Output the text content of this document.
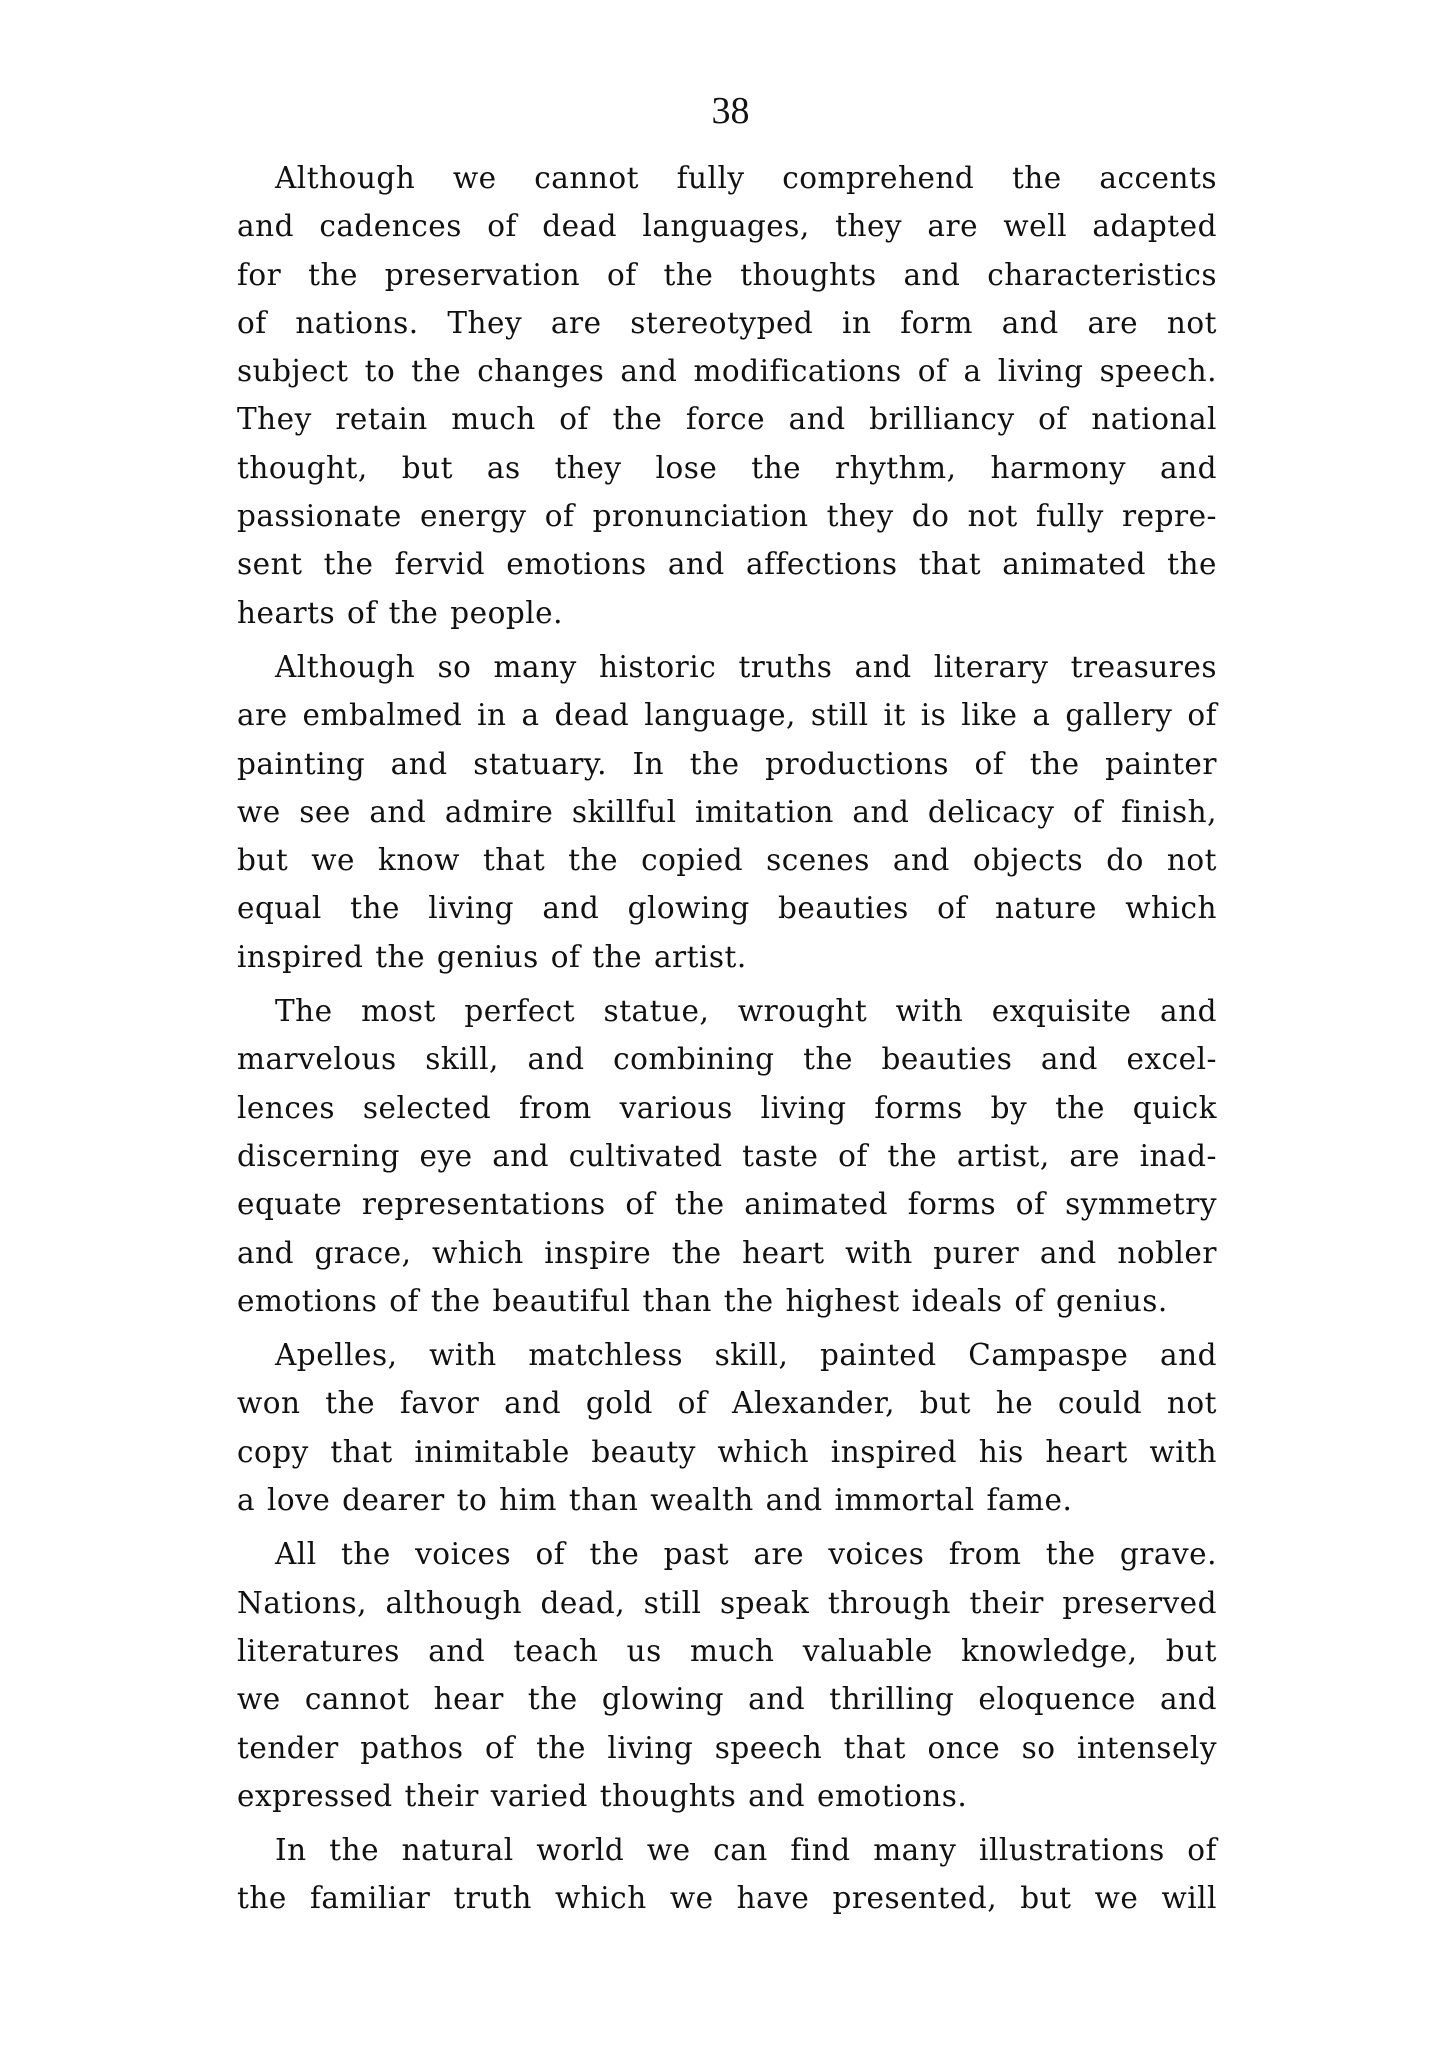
38
Although we cannot fully comprehend the accents
and cadences of dead languages, they are well adapted
for the preservation of the thoughts and characteristics
of nations. They are stereotyped in form and are not
subject to the changes and modifications of a living speech.
They retain much of the force and brilliancy of national
thought, but as they lose the rhythm, harmony and
passionate energy of pronunciation they do not fully repre-
sent the fervid emotions and affections that animated the
hearts of the people.
Although so many historic truths and literary treasures
are embalmed in a dead language, still it is like a gallery of
painting and statuary. In the productions of the painter
we see and admire skillful imitation and delicacy of finish,
but we know that the copied scenes and objects do not
equal the living and glowing beauties of nature which
inspired the genius of the artist.
The most perfect statue, wrought with exquisite and
marvelous skill, and combining the beauties and excel-
lences selected from various living forms by the quick
discerning eye and cultivated taste of the artist, are inad-
equate representations of the animated forms of symmetry
and grace, which inspire the heart with purer and nobler
emotions of the beautiful than the highest ideals of genius.
Apelles, with matchless skill, painted Campaspe and
won the favor and gold of Alexander, but he could not
copy that inimitable beauty which inspired his heart with
a love dearer to him than wealth and immortal fame.
All the voices of the past are voices from the grave.
Nations, although dead, still speak through their preserved
literatures and teach us much valuable knowledge, but
we cannot hear the glowing and thrilling eloquence and
tender pathos of the living speech that once so intensely
expressed their varied thoughts and emotions.
In the natural world we can find many illustrations of
the familiar truth which we have presented, but we will
